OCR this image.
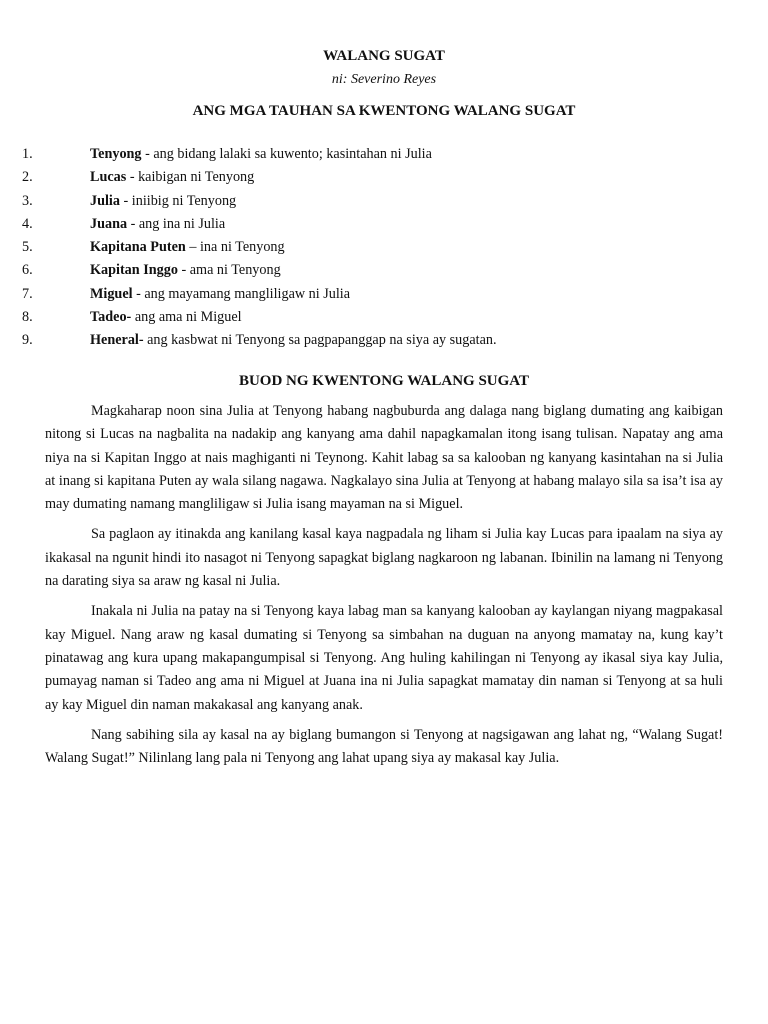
WALANG SUGAT
ni: Severino Reyes
ANG MGA TAUHAN SA KWENTONG WALANG SUGAT
1.	Tenyong - ang bidang lalaki sa kuwento; kasintahan ni Julia
2.	Lucas - kaibigan ni Tenyong
3.	Julia - iniibig ni Tenyong
4.	Juana - ang ina ni Julia
5.	Kapitana Puten – ina ni Tenyong
6.	Kapitan Inggo - ama ni Tenyong
7.	Miguel - ang mayamang mangliligaw ni Julia
8.	Tadeo- ang ama ni Miguel
9.	Heneral- ang kasbwat ni Tenyong sa pagpapanggap na siya ay sugatan.
BUOD NG KWENTONG WALANG SUGAT

Magkaharap noon sina Julia at Tenyong habang nagbuburda ang dalaga nang biglang dumating ang kaibigan nitong si Lucas na nagbalita na nadakip ang kanyang ama dahil napagkamalan itong isang tulisan. Napatay ang ama niya na si Kapitan Inggo at nais maghiganti ni Teynong. Kahit labag sa sa kalooban ng kanyang kasintahan na si Julia at inang si kapitana Puten ay wala silang nagawa. Nagkalayo sina Julia at Tenyong at habang malayo sila sa isa’t isa ay may dumating namang mangliligaw si Julia isang mayaman na si Miguel.

Sa paglaon ay itinakda ang kanilang kasal kaya nagpadala ng liham si Julia kay Lucas para ipaalam na siya ay ikakasal na ngunit hindi ito nasagot ni Tenyong sapagkat biglang nagkaroon ng labanan. Ibinilin na lamang ni Tenyong na darating siya sa araw ng kasal ni Julia.

Inakala ni Julia na patay na si Tenyong kaya labag man sa kanyang kalooban ay kaylangan niyang magpakasal kay Miguel. Nang araw ng kasal dumating si Tenyong sa simbahan na duguan na anyong mamatay na, kung kay’t pinatawag ang kura upang makapangumpisal si Tenyong. Ang huling kahilingan ni Tenyong ay ikasal siya kay Julia, pumayag naman si Tadeo ang ama ni Miguel at Juana ina ni Julia sapagkat mamatay din naman si Tenyong at sa huli ay kay Miguel din naman makakasal ang kanyang anak.

Nang sabihing sila ay kasal na ay biglang bumangon si Tenyong at nagsigawan ang lahat ng, “Walang Sugat! Walang Sugat!” Nilinlang lang pala ni Tenyong ang lahat upang siya ay makasal kay Julia.
